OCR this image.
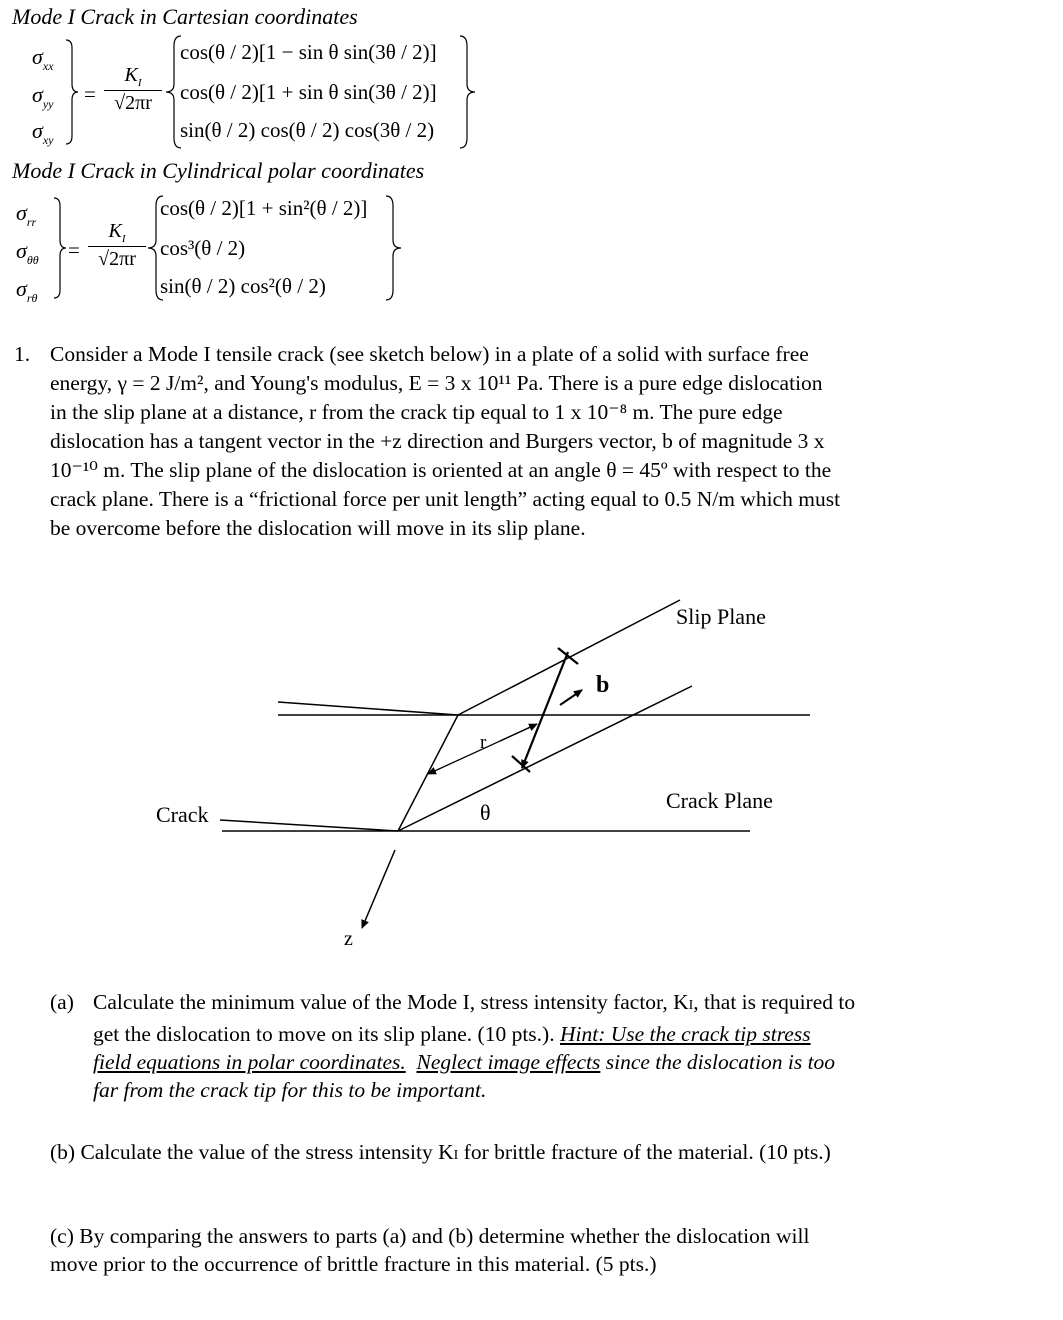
Mode I Crack in Cartesian coordinates
$\sigma_{xx}$
$\sigma_{yy}$
$\sigma_{xy}$
=
$K_I$
√2πr
cos(θ / 2)[1 − sin θ sin(3θ / 2)]
cos(θ / 2)[1 + sin θ sin(3θ / 2)]
sin(θ / 2) cos(θ / 2) cos(3θ / 2)
Mode I Crack in Cylindrical polar coordinates
$\sigma_{rr}$
$\sigma_{\theta\theta}$
$\sigma_{r\theta}$
=
$K_I$
√2πr
cos(θ / 2)[1 + sin²(θ / 2)]
cos³(θ / 2)
sin(θ / 2) cos²(θ / 2)
1. Consider a Mode I tensile crack (see sketch below) in a plate of a solid with surface free
energy, γ = 2 J/m², and Young's modulus, E = 3 x 10¹¹ Pa. There is a pure edge dislocation
in the slip plane at a distance, r from the crack tip equal to 1 x 10⁻⁸ m. The pure edge
dislocation has a tangent vector in the +z direction and Burgers vector, b of magnitude 3 x
10⁻¹⁰ m. The slip plane of the dislocation is oriented at an angle θ = 45º with respect to the
crack plane. There is a “frictional force per unit length” acting equal to 0.5 N/m which must
be overcome before the dislocation will move in its slip plane.
Slip Plane
b
r
θ	Crack Plane
Crack
z
(a) Calculate the minimum value of the Mode I, stress intensity factor, KI, that is required to
get the dislocation to move on its slip plane. (10 pts.). Hint: Use the crack tip stress
field equations in polar coordinates. Neglect image effects since the dislocation is too
far from the crack tip for this to be important.
(b) Calculate the value of the stress intensity KI for brittle fracture of the material. (10 pts.)
(c) By comparing the answers to parts (a) and (b) determine whether the dislocation will
move prior to the occurrence of brittle fracture in this material. (5 pts.)
